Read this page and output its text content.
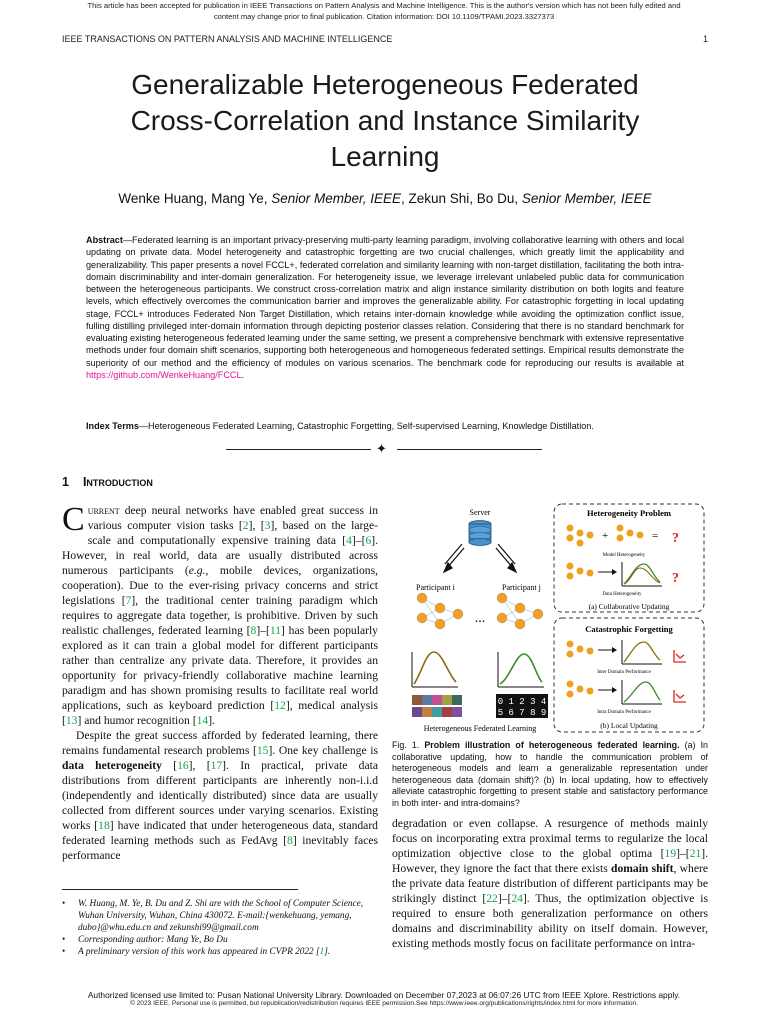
This article has been accepted for publication in IEEE Transactions on Pattern Analysis and Machine Intelligence. This is the author's version which has not been fully edited and
content may change prior to final publication. Citation information: DOI 10.1109/TPAMI.2023.3327373
IEEE TRANSACTIONS ON PATTERN ANALYSIS AND MACHINE INTELLIGENCE	1
Generalizable Heterogeneous Federated
Cross-Correlation and Instance Similarity
Learning
Wenke Huang, Mang Ye, Senior Member, IEEE, Zekun Shi, Bo Du, Senior Member, IEEE
Abstract—Federated learning is an important privacy-preserving multi-party learning paradigm, involving collaborative learning with others and local updating on private data. Model heterogeneity and catastrophic forgetting are two crucial challenges, which greatly limit the applicability and generalizability. This paper presents a novel FCCL+, federated correlation and similarity learning with non-target distillation, facilitating the both intra-domain discriminability and inter-domain generalization. For heterogeneity issue, we leverage irrelevant unlabeled public data for communication between the heterogeneous participants. We construct cross-correlation matrix and align instance similarity distribution on both logits and feature levels, which effectively overcomes the communication barrier and improves the generalizable ability. For catastrophic forgetting in local updating stage, FCCL+ introduces Federated Non Target Distillation, which retains inter-domain knowledge while avoiding the optimization conflict issue, fulling distilling privileged inter-domain information through depicting posterior classes relation. Considering that there is no standard benchmark for evaluating existing heterogeneous federated learning under the same setting, we present a comprehensive benchmark with extensive representative methods under four domain shift scenarios, supporting both heterogeneous and homogeneous federated settings. Empirical results demonstrate the superiority of our method and the efficiency of modules on various scenarios. The benchmark code for reproducing our results is available at https://github.com/WenkeHuang/FCCL.
Index Terms—Heterogeneous Federated Learning, Catastrophic Forgetting, Self-supervised Learning, Knowledge Distillation.
✦
1 Introduction

Current deep neural networks have enabled great success in various computer vision tasks [2], [3], based on the large-scale and computationally expensive training data [4]–[6]. However, in real world, data are usually distributed across numerous participants (e.g., mobile devices, organizations, cooperation). Due to the ever-rising privacy concerns and strict legislations [7], the traditional center training paradigm which requires to aggregate data together, is prohibitive. Driven by such realistic challenges, federated learning [8]–[11] has been popularly explored as it can train a global model for different participants rather than centralize any private data. Therefore, it provides an opportunity for privacy-friendly collaborative machine learning paradigm and has shown promising results to facilitate real world applications, such as keyboard prediction [12], medical analysis [13] and humor recognition [14].

Despite the great success afforded by federated learning, there remains fundamental research problems [15]. One key challenge is data heterogeneity [16], [17]. In practical, private data distributions from different participants are inherently non-i.i.d (independently and identically distributed) since data are usually collected from different sources under varying scenarios. Existing works [18] have indicated that under heterogeneous data, standard federated learning methods such as FedAvg [8] inevitably faces performance

• W. Huang, M. Ye, B. Du and Z. Shi are with the School of Computer Science, Wuhan University, Wuhan, China 430072. E-mail:{wenkehuang, yemang, dubo}@whu.edu.cn and zekunshi99@gmail.com
• Corresponding author: Mang Ye, Bo Du
• A preliminary version of this work has appeared in CVPR 2022 [1].
Server
Participant i	Participant j
...
0 1 2 3 4
5 6 7 8 9
Heterogeneous Federated Learning
Heterogeneity Problem
+	= ?
Model Heterogeneity
?
Data Heterogeneity
(a) Collaborative Updating
Catastrophic Forgetting
Inter Domain Performance
Intra Domain Performance
(b) Local Updating
Fig. 1. Problem illustration of heterogeneous federated learning. (a) In collaborative updating, how to handle the communication problem of heterogeneous models and learn a generalizable representation under heterogeneous data (domain shift)? (b) In local updating, how to effectively alleviate catastrophic forgetting to present stable and satisfactory performance in both inter- and intra-domains?

degradation or even collapse. A resurgence of methods mainly focus on incorporating extra proximal terms to regularize the local optimization objective close to the global optima [19]–[21]. However, they ignore the fact that there exists domain shift, where the private data feature distribution of different participants may be strikingly distinct [22]–[24]. Thus, the optimization objective is required to ensure both generalization performance on others domains and discriminability ability on itself domain. However, existing methods mostly focus on facilitate performance on intra-

Authorized licensed use limited to: Pusan National University Library. Downloaded on December 07,2023 at 06:07:26 UTC from IEEE Xplore. Restrictions apply.
© 2023 IEEE. Personal use is permitted, but republication/redistribution requires IEEE permission.See https://www.ieee.org/publications/rights/index.html for more information.
